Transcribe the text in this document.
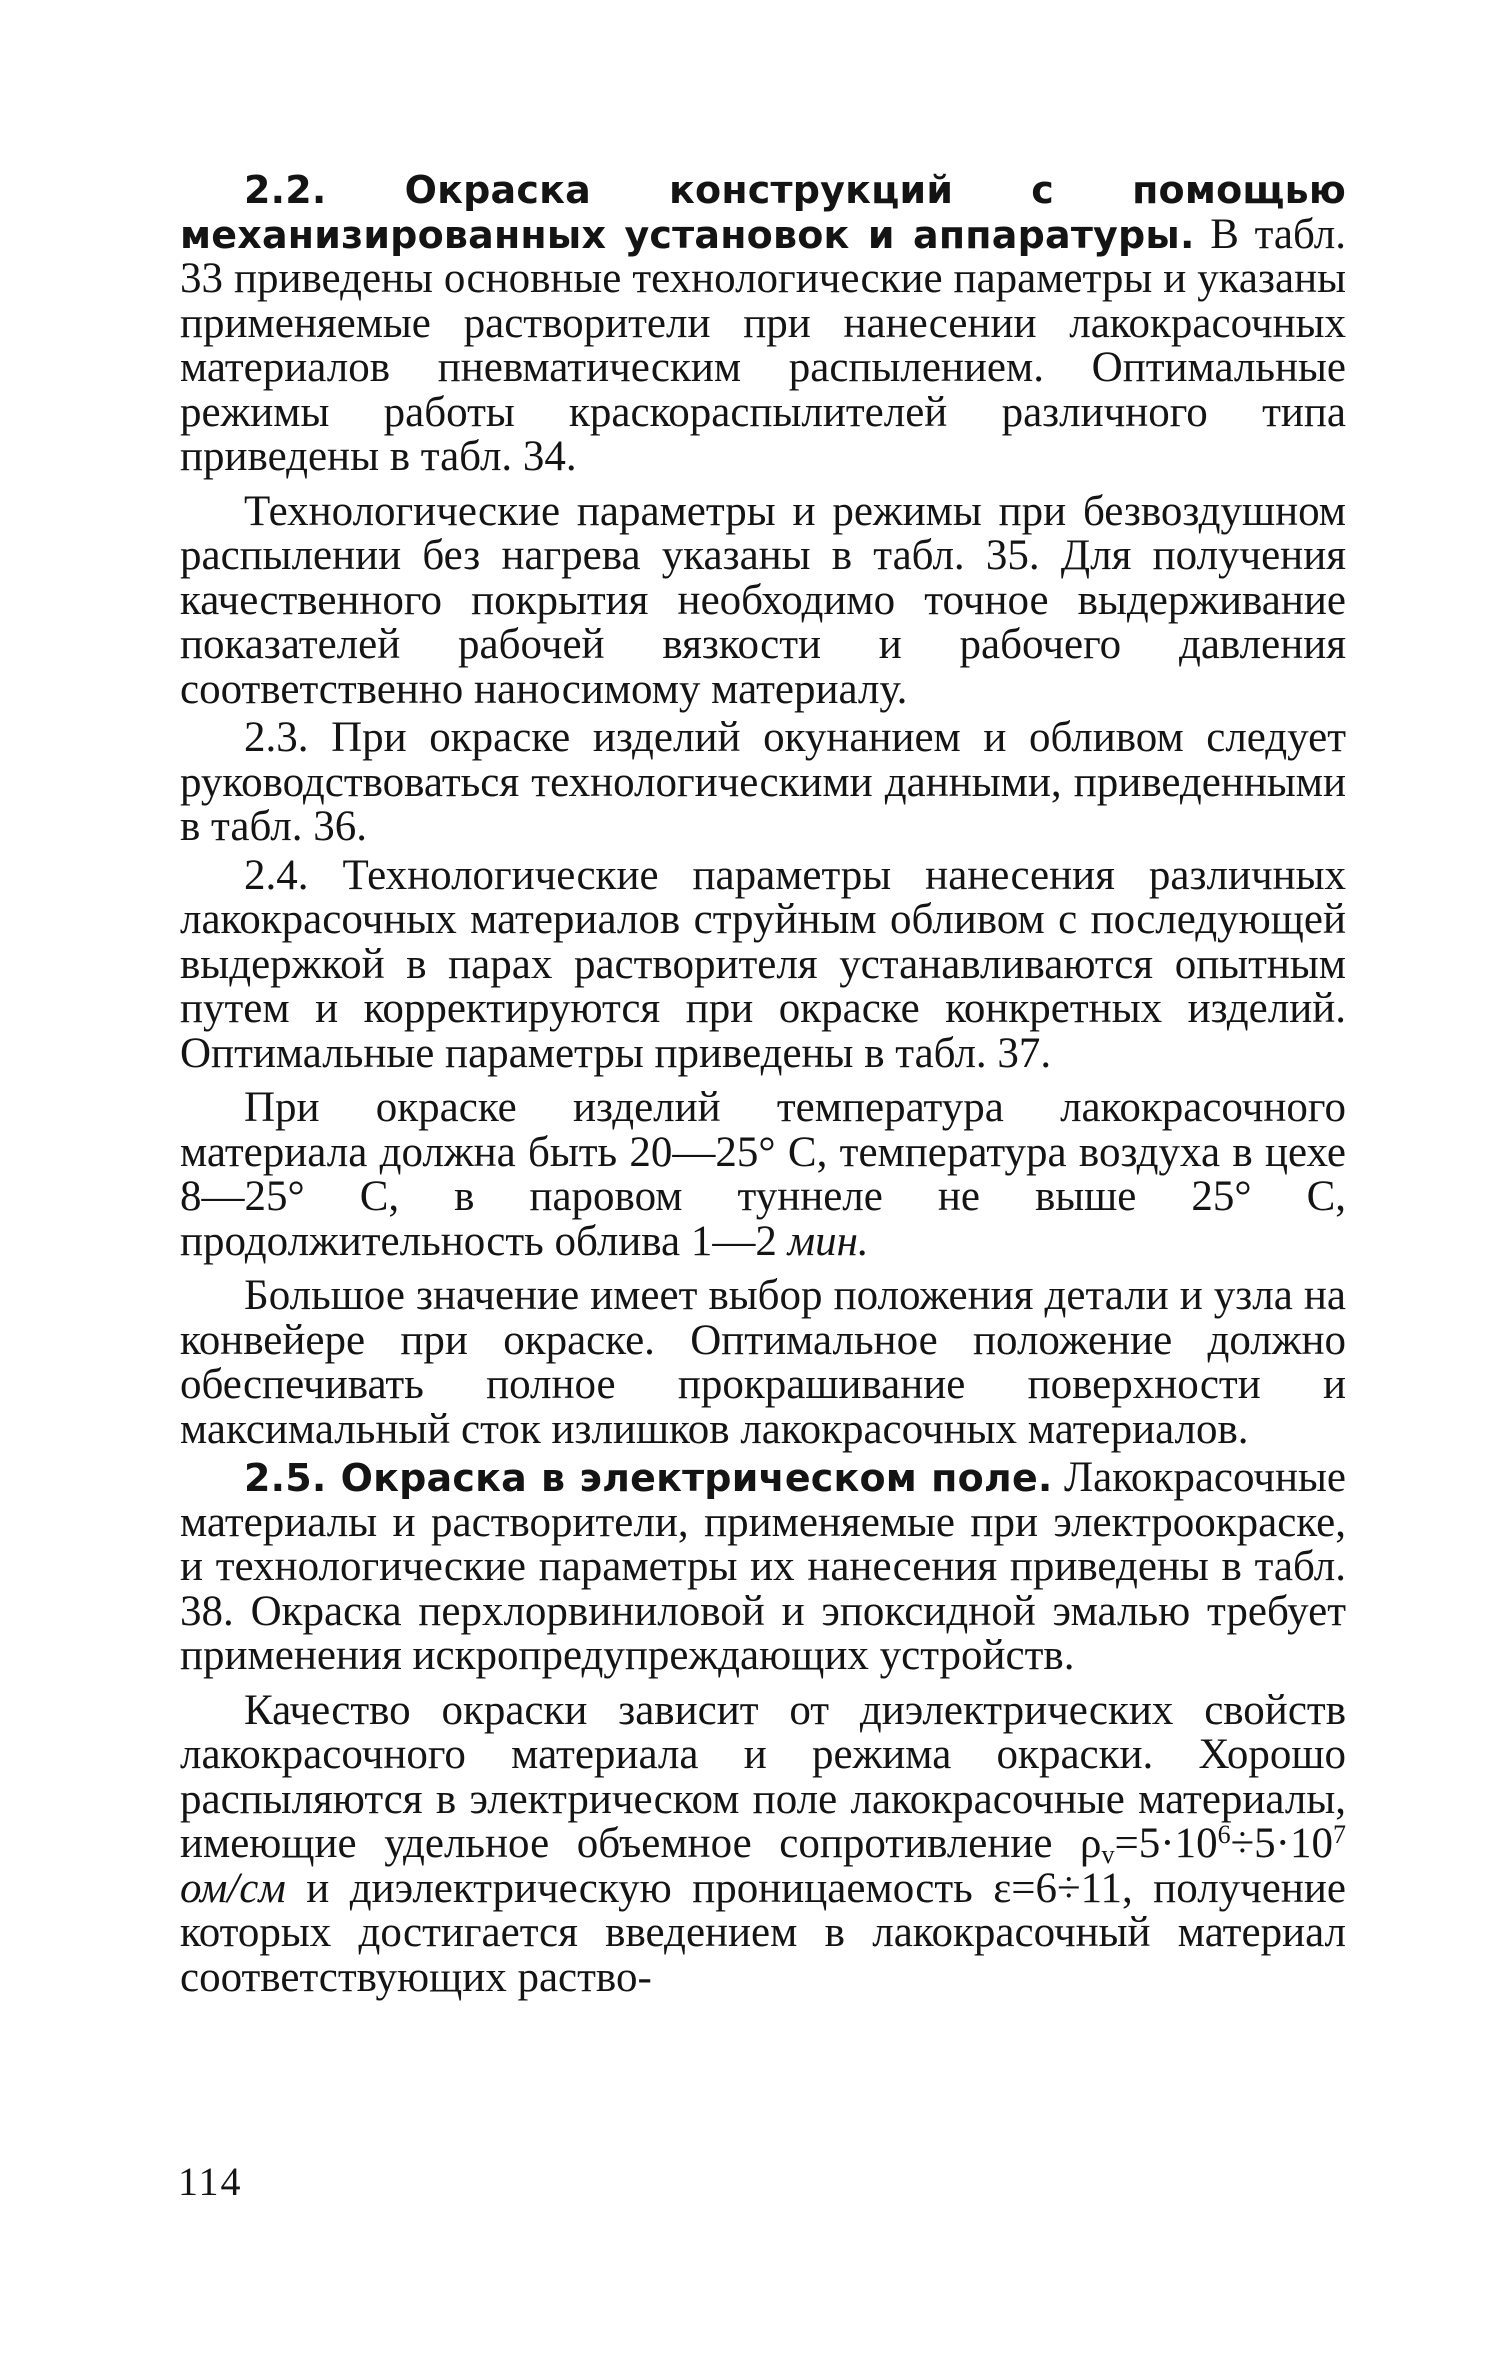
2.2. Окраска конструкций с помощью механизированных установок и аппаратуры. В табл. 33 приведены основные технологические параметры и указаны применяемые растворители при нанесении лакокрасочных материалов пневматическим распылением. Оптимальные режимы работы краскораспылителей различного типа приведены в табл. 34.

Технологические параметры и режимы при безвоздушном распылении без нагрева указаны в табл. 35. Для получения качественного покрытия необходимо точное выдерживание показателей рабочей вязкости и рабочего давления соответственно наносимому материалу.

2.3. При окраске изделий окунанием и обливом следует руководствоваться технологическими данными, приведенными в табл. 36.

2.4. Технологические параметры нанесения различных лакокрасочных материалов струйным обливом с последующей выдержкой в парах растворителя устанавливаются опытным путем и корректируются при окраске конкретных изделий. Оптимальные параметры приведены в табл. 37.

При окраске изделий температура лакокрасочного материала должна быть 20—25° С, температура воздуха в цехе 8—25° С, в паровом туннеле не выше 25° С, продолжительность облива 1—2 мин.

Большое значение имеет выбор положения детали и узла на конвейере при окраске. Оптимальное положение должно обеспечивать полное прокрашивание поверхности и максимальный сток излишков лакокрасочных материалов.

2.5. Окраска в электрическом поле. Лакокрасочные материалы и растворители, применяемые при электроокраске, и технологические параметры их нанесения приведены в табл. 38. Окраска перхлорвиниловой и эпоксидной эмалью требует применения искропредупреждающих устройств.

Качество окраски зависит от диэлектрических свойств лакокрасочного материала и режима окраски. Хорошо распыляются в электрическом поле лакокрасочные материалы, имеющие удельное объемное сопротивление $\rho_v=5\cdot 10^6\div 5\cdot 10^7$ ом/см и диэлектрическую проницаемость ε=6÷11, получение которых достигается введением в лакокрасочный материал соответствующих раство-

114
